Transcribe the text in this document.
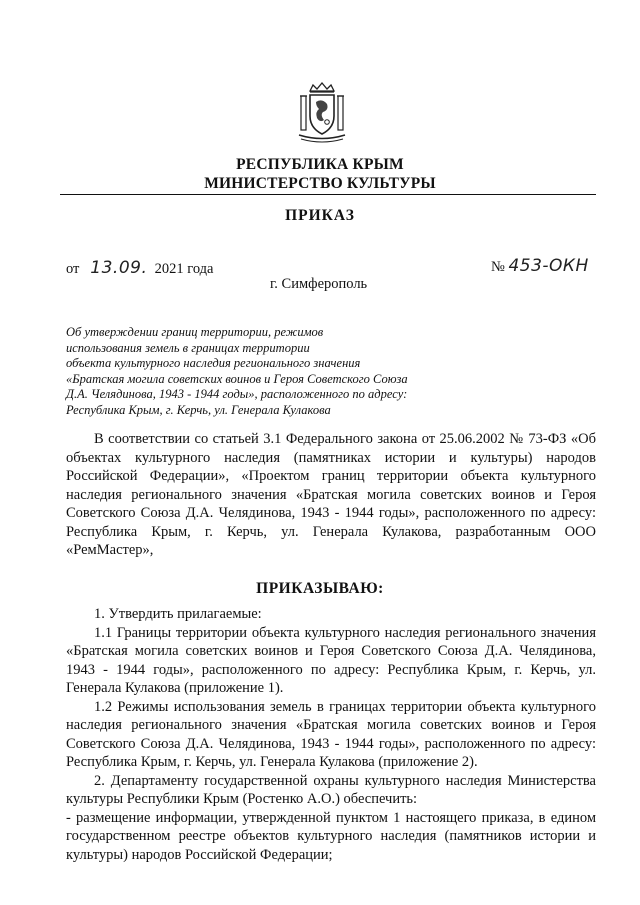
РЕСПУБЛИКА КРЫМ
МИНИСТЕРСТВО КУЛЬТУРЫ
ПРИКАЗ
от 13.09. 2021 года	№ 453-ОКН
г. Симферополь
Об утверждении границ территории, режимов
использования земель в границах территории
объекта культурного наследия регионального значения
«Братская могила советских воинов и Героя Советского Союза
Д.А. Челядинова, 1943 - 1944 годы», расположенного по адресу:
Республика Крым, г. Керчь, ул. Генерала Кулакова

В соответствии со статьей 3.1 Федерального закона от 25.06.2002 № 73-ФЗ «Об объектах культурного наследия (памятниках истории и культуры) народов Российской Федерации», «Проектом границ территории объекта культурного наследия регионального значения «Братская могила советских воинов и Героя Советского Союза Д.А. Челядинова, 1943 - 1944 годы», расположенного по адресу: Республика Крым, г. Керчь, ул. Генерала Кулакова, разработанным ООО «РемМастер»,

ПРИКАЗЫВАЮ:

1. Утвердить прилагаемые:

1.1 Границы территории объекта культурного наследия регионального значения «Братская могила советских воинов и Героя Советского Союза Д.А. Челядинова, 1943 - 1944 годы», расположенного по адресу: Республика Крым, г. Керчь, ул. Генерала Кулакова (приложение 1).

1.2 Режимы использования земель в границах территории объекта культурного наследия регионального значения «Братская могила советских воинов и Героя Советского Союза Д.А. Челядинова, 1943 - 1944 годы», расположенного по адресу: Республика Крым, г. Керчь, ул. Генерала Кулакова (приложение 2).

2. Департаменту государственной охраны культурного наследия Министерства культуры Республики Крым (Ростенко А.О.) обеспечить:

- размещение информации, утвержденной пунктом 1 настоящего приказа, в едином государственном реестре объектов культурного наследия (памятников истории и культуры) народов Российской Федерации;
